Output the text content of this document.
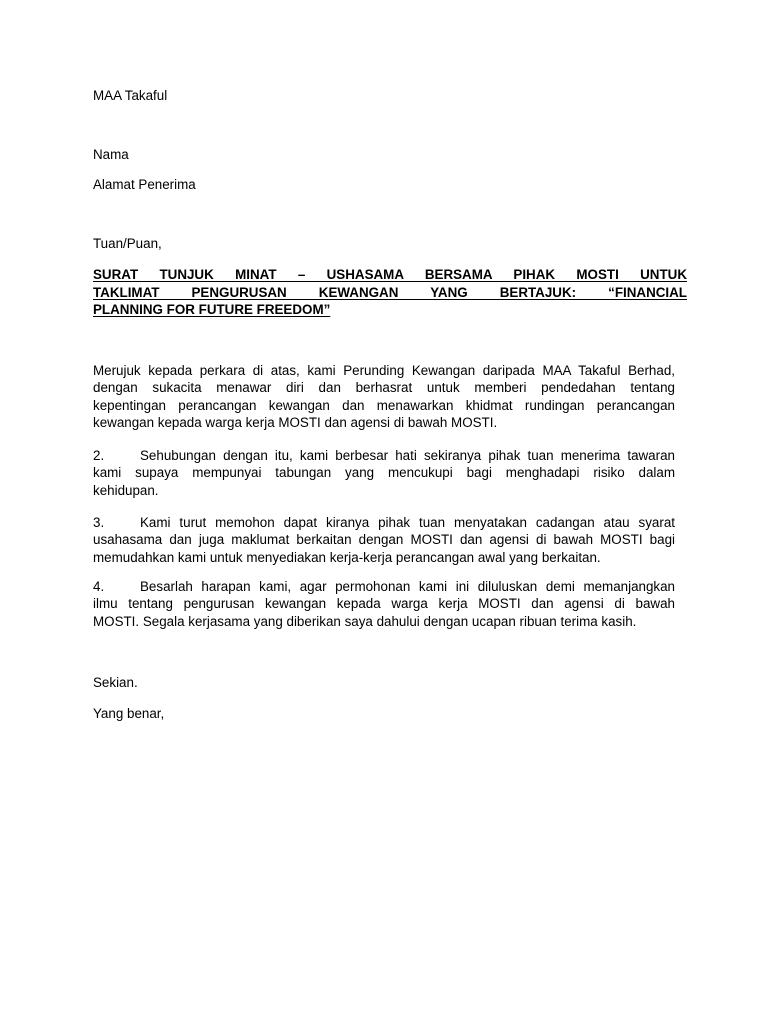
MAA Takaful
Nama
Alamat Penerima
Tuan/Puan,
SURAT TUNJUK MINAT – USHASAMA BERSAMA PIHAK MOSTI UNTUK
TAKLIMAT PENGURUSAN KEWANGAN YANG BERTAJUK: “FINANCIAL
PLANNING FOR FUTURE FREEDOM”
Merujuk kepada perkara di atas, kami Perunding Kewangan daripada MAA Takaful Berhad,
dengan sukacita menawar diri dan berhasrat untuk memberi pendedahan tentang
kepentingan perancangan kewangan dan menawarkan khidmat rundingan perancangan
kewangan kepada warga kerja MOSTI dan agensi di bawah MOSTI.
2.	Sehubungan dengan itu, kami berbesar hati sekiranya pihak tuan menerima tawaran
kami supaya mempunyai tabungan yang mencukupi bagi menghadapi risiko dalam
kehidupan.
3.	Kami turut memohon dapat kiranya pihak tuan menyatakan cadangan atau syarat
usahasama dan juga maklumat berkaitan dengan MOSTI dan agensi di bawah MOSTI bagi
memudahkan kami untuk menyediakan kerja-kerja perancangan awal yang berkaitan.
4.	Besarlah harapan kami, agar permohonan kami ini diluluskan demi memanjangkan
ilmu tentang pengurusan kewangan kepada warga kerja MOSTI dan agensi di bawah
MOSTI. Segala kerjasama yang diberikan saya dahului dengan ucapan ribuan terima kasih.
Sekian.
Yang benar,
